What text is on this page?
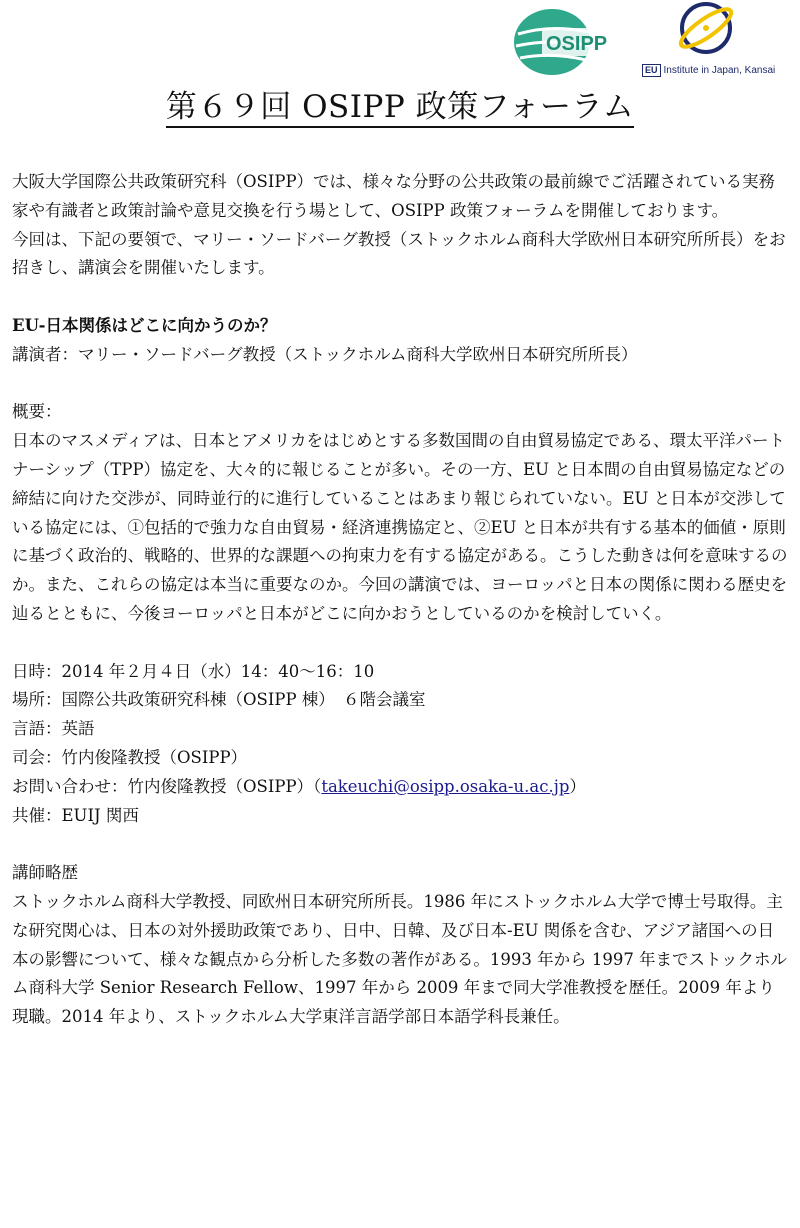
OSIPP
EU Institute in Japan, Kansai
第６９回 OSIPP 政策フォーラム

大阪大学国際公共政策研究科（OSIPP）では、様々な分野の公共政策の最前線でご活躍されている実務家や有識者と政策討論や意見交換を行う場として、OSIPP 政策フォーラムを開催しております。

今回は、下記の要領で、マリー・ソードバーグ教授（ストックホルム商科大学欧州日本研究所所長）をお招きし、講演会を開催いたします。

EU-日本関係はどこに向かうのか？

講演者：マリー・ソードバーグ教授（ストックホルム商科大学欧州日本研究所所長）

概要：

日本のマスメディアは、日本とアメリカをはじめとする多数国間の自由貿易協定である、環太平洋パートナーシップ（TPP）協定を、大々的に報じることが多い。その一方、EU と日本間の自由貿易協定などの締結に向けた交渉が、同時並行的に進行していることはあまり報じられていない。EU と日本が交渉している協定には、①包括的で強力な自由貿易・経済連携協定と、②EU と日本が共有する基本的価値・原則に基づく政治的、戦略的、世界的な課題への拘束力を有する協定がある。こうした動きは何を意味するのか。また、これらの協定は本当に重要なのか。今回の講演では、ヨーロッパと日本の関係に関わる歴史を辿るとともに、今後ヨーロッパと日本がどこに向かおうとしているのかを検討していく。

日時：2014 年２月４日（水）14：40～16：10

場所：国際公共政策研究科棟（OSIPP 棟）　６階会議室

言語：英語

司会：竹内俊隆教授（OSIPP）

お問い合わせ：竹内俊隆教授（OSIPP）（takeuchi@osipp.osaka-u.ac.jp）

共催：EUIJ 関西

講師略歴

ストックホルム商科大学教授、同欧州日本研究所所長。1986 年にストックホルム大学で博士号取得。主な研究関心は、日本の対外援助政策であり、日中、日韓、及び日本-EU 関係を含む、アジア諸国への日本の影響について、様々な観点から分析した多数の著作がある。1993 年から 1997 年までストックホルム商科大学 Senior Research Fellow、1997 年から 2009 年まで同大学准教授を歴任。2009 年より現職。2014 年より、ストックホルム大学東洋言語学部日本語学科長兼任。
